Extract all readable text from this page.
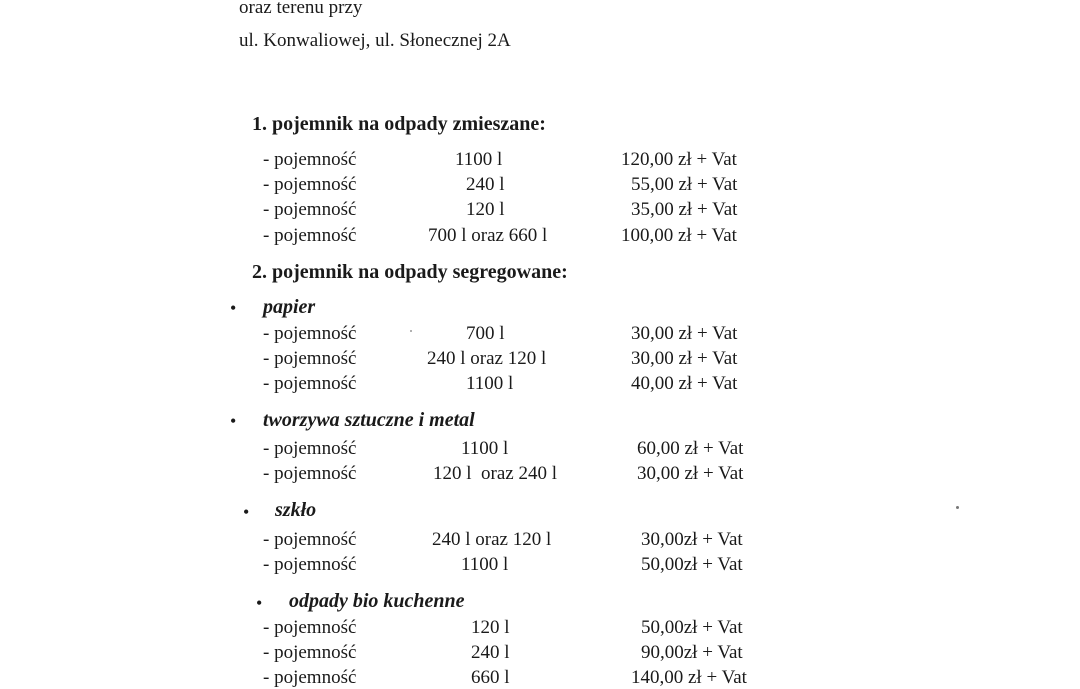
oraz terenu przy
ul. Konwaliowej, ul. Słonecznej 2A
1. pojemnik na odpady zmieszane:
- pojemność	1100 l	120,00 zł + Vat
- pojemność	240 l	55,00 zł + Vat
- pojemność	120 l	35,00 zł + Vat
- pojemność	700 l oraz 660 l	100,00 zł + Vat
2. pojemnik na odpady segregowane:
• papier
- pojemność	700 l	30,00 zł + Vat
- pojemność	240 l oraz 120 l	30,00 zł + Vat
- pojemność	1100 l	40,00 zł + Vat
• tworzywa sztuczne i metal
- pojemność	1100 l	60,00 zł + Vat
- pojemność	120 l  oraz 240 l	30,00 zł + Vat
• szkło
- pojemność	240 l oraz 120 l	30,00zł + Vat
- pojemność	1100 l	50,00zł + Vat
• odpady bio kuchenne
- pojemność	120 l	50,00zł + Vat
- pojemność	240 l	90,00zł + Vat
- pojemność	660 l	140,00 zł + Vat
